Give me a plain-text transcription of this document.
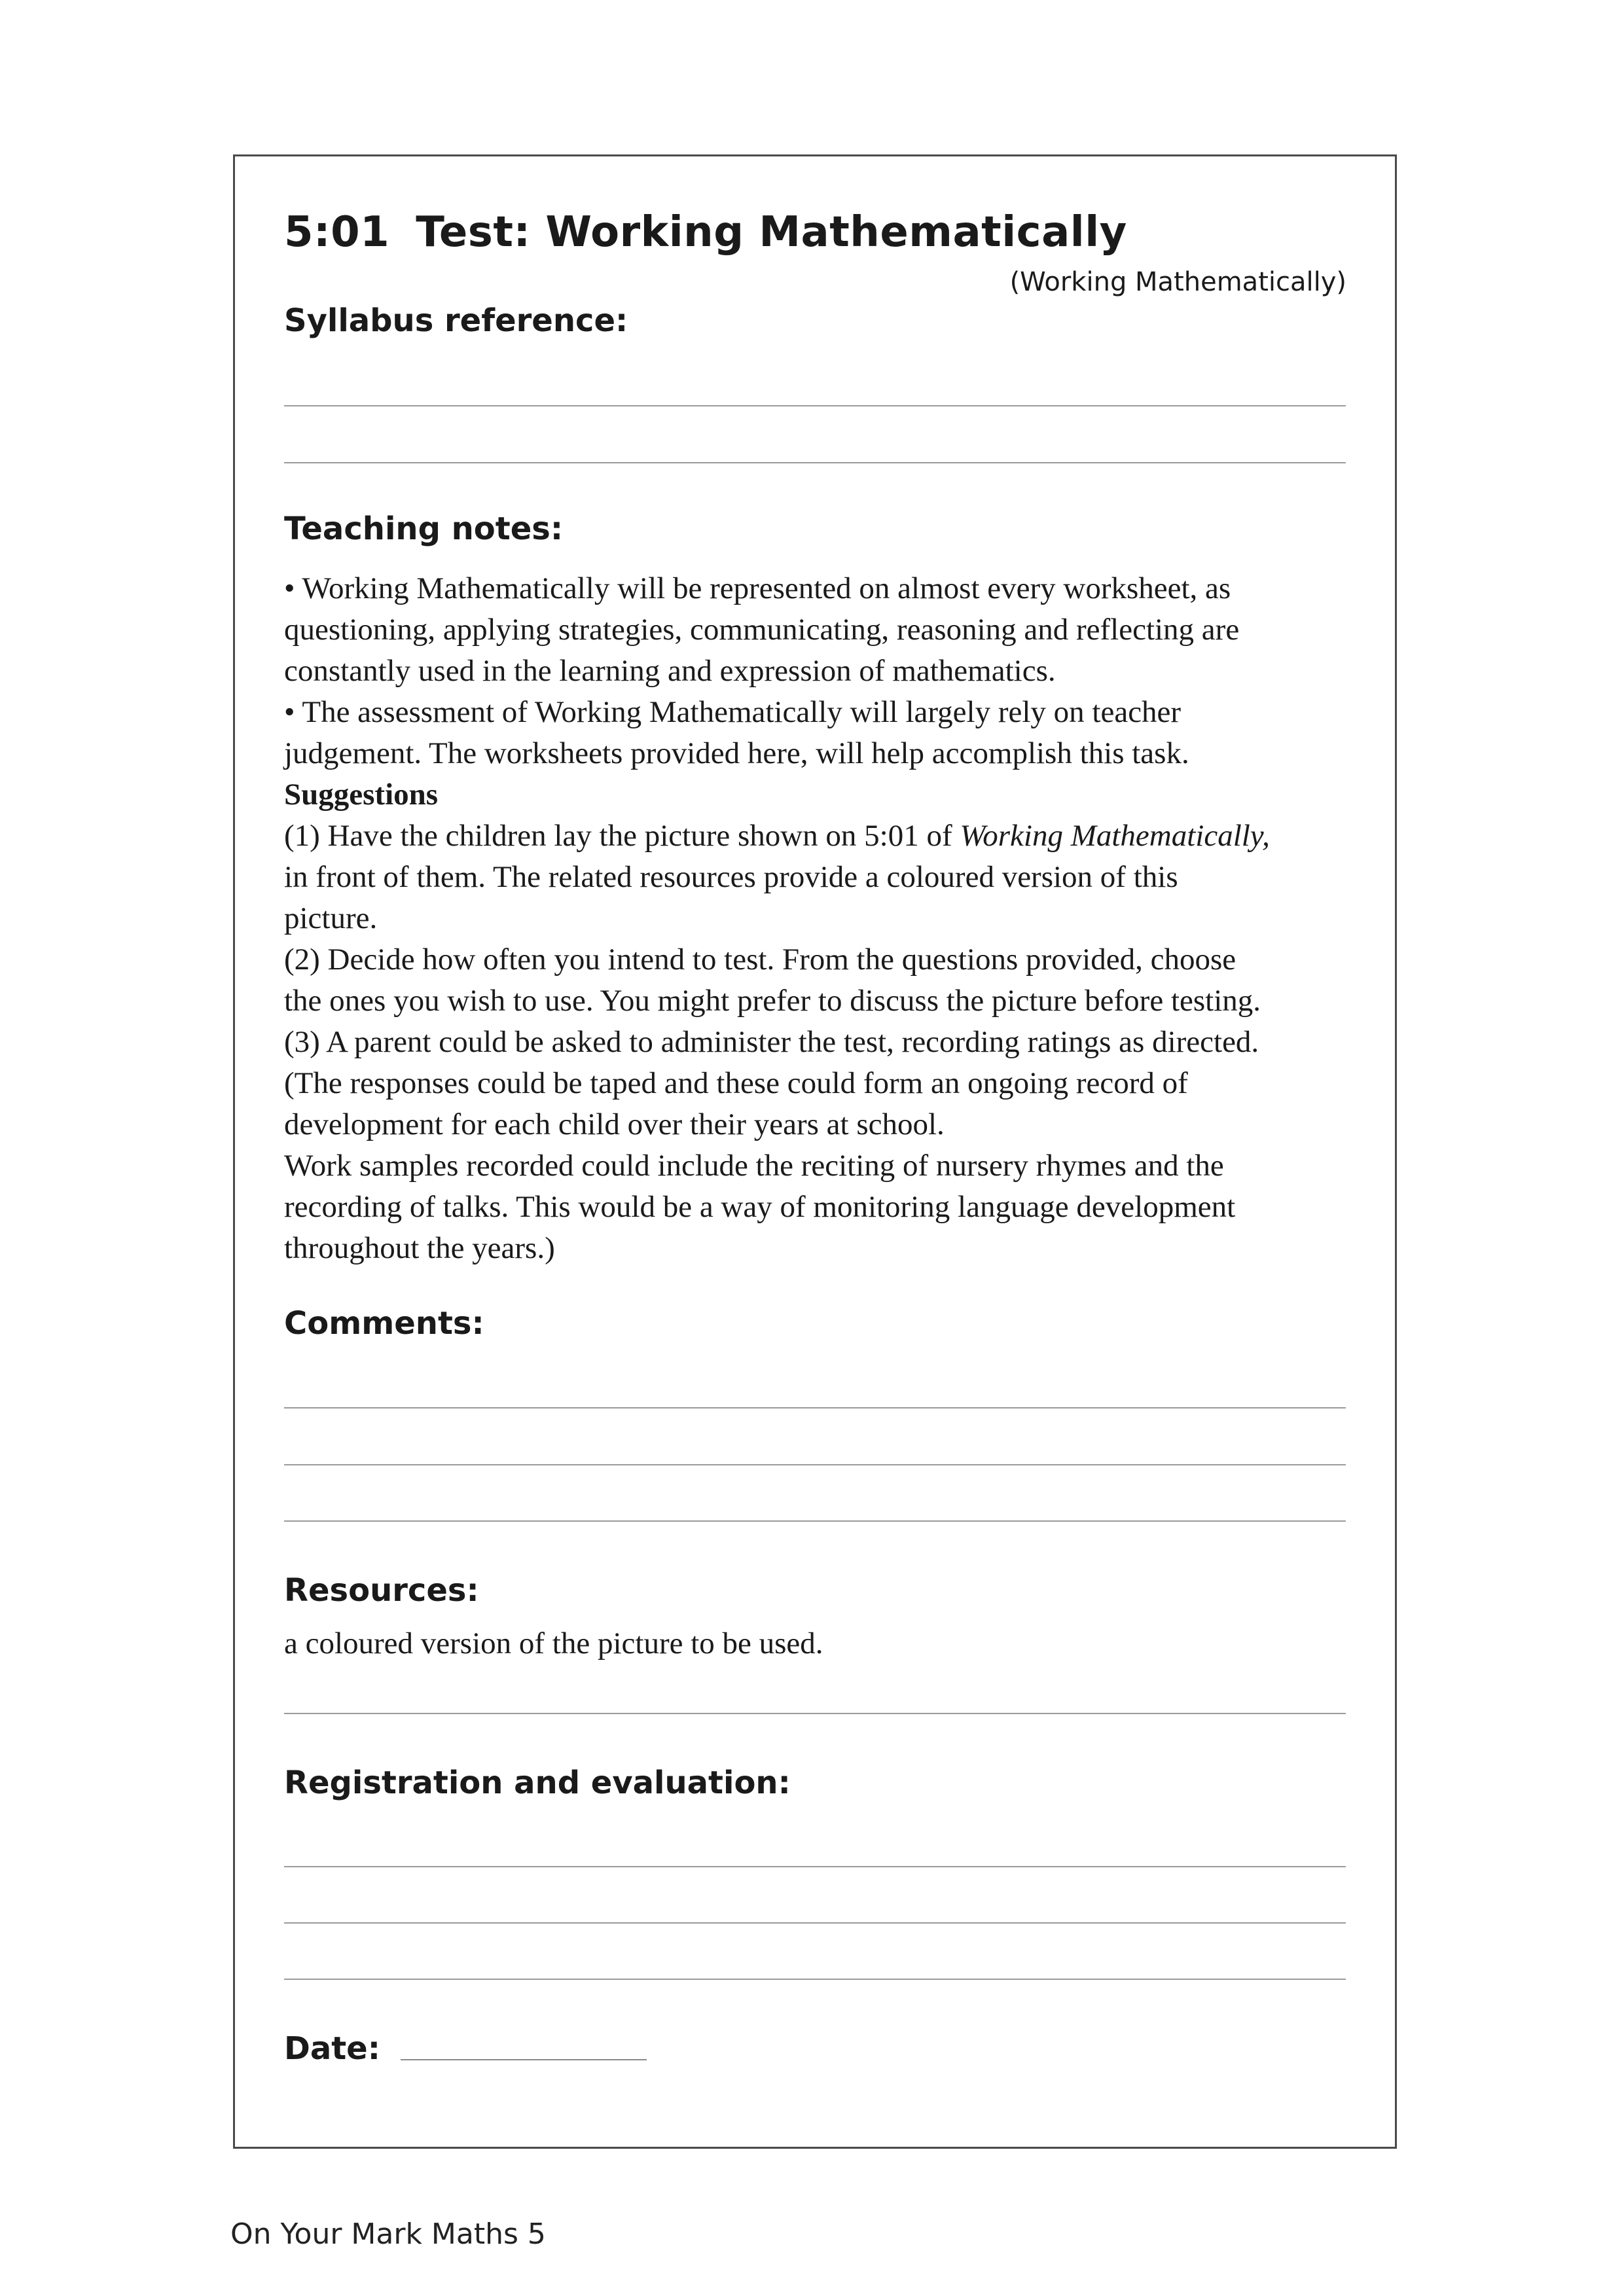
5:01 Test: Working Mathematically
(Working Mathematically)
Syllabus reference:
Teaching notes:
• Working Mathematically will be represented on almost every worksheet, as
questioning, applying strategies, communicating, reasoning and reflecting are
constantly used in the learning and expression of mathematics.
• The assessment of Working Mathematically will largely rely on teacher
judgement. The worksheets provided here, will help accomplish this task.
Suggestions
(1) Have the children lay the picture shown on 5:01 of Working Mathematically,
in front of them. The related resources provide a coloured version of this
picture.
(2) Decide how often you intend to test. From the questions provided, choose
the ones you wish to use. You might prefer to discuss the picture before testing.
(3) A parent could be asked to administer the test, recording ratings as directed.
(The responses could be taped and these could form an ongoing record of
development for each child over their years at school.
Work samples recorded could include the reciting of nursery rhymes and the
recording of talks. This would be a way of monitoring language development
throughout the years.)
Comments:
Resources:
a coloured version of the picture to be used.
Registration and evaluation:
Date:
On Your Mark Maths 5
